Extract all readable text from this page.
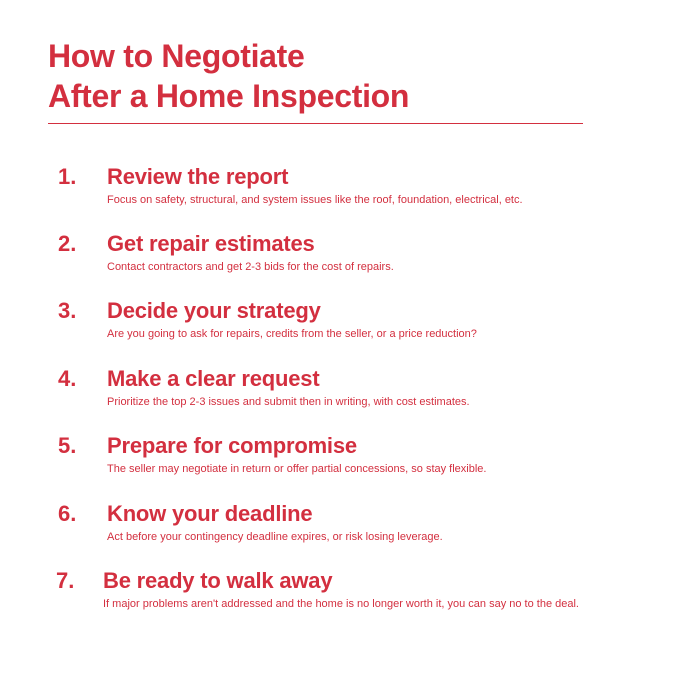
How to Negotiate
After a Home Inspection
1. Review the report
Focus on safety, structural, and system issues like the roof, foundation, electrical, etc.
2. Get repair estimates
Contact contractors and get 2-3 bids for the cost of repairs.
3. Decide your strategy
Are you going to ask for repairs, credits from the seller, or a price reduction?
4. Make a clear request
Prioritize the top 2-3 issues and submit then in writing, with cost estimates.
5. Prepare for compromise
The seller may negotiate in return or offer partial concessions, so stay flexible.
6. Know your deadline
Act before your contingency deadline expires, or risk losing leverage.
7. Be ready to walk away
If major problems aren't addressed and the home is no longer worth it, you can say no to the deal.
